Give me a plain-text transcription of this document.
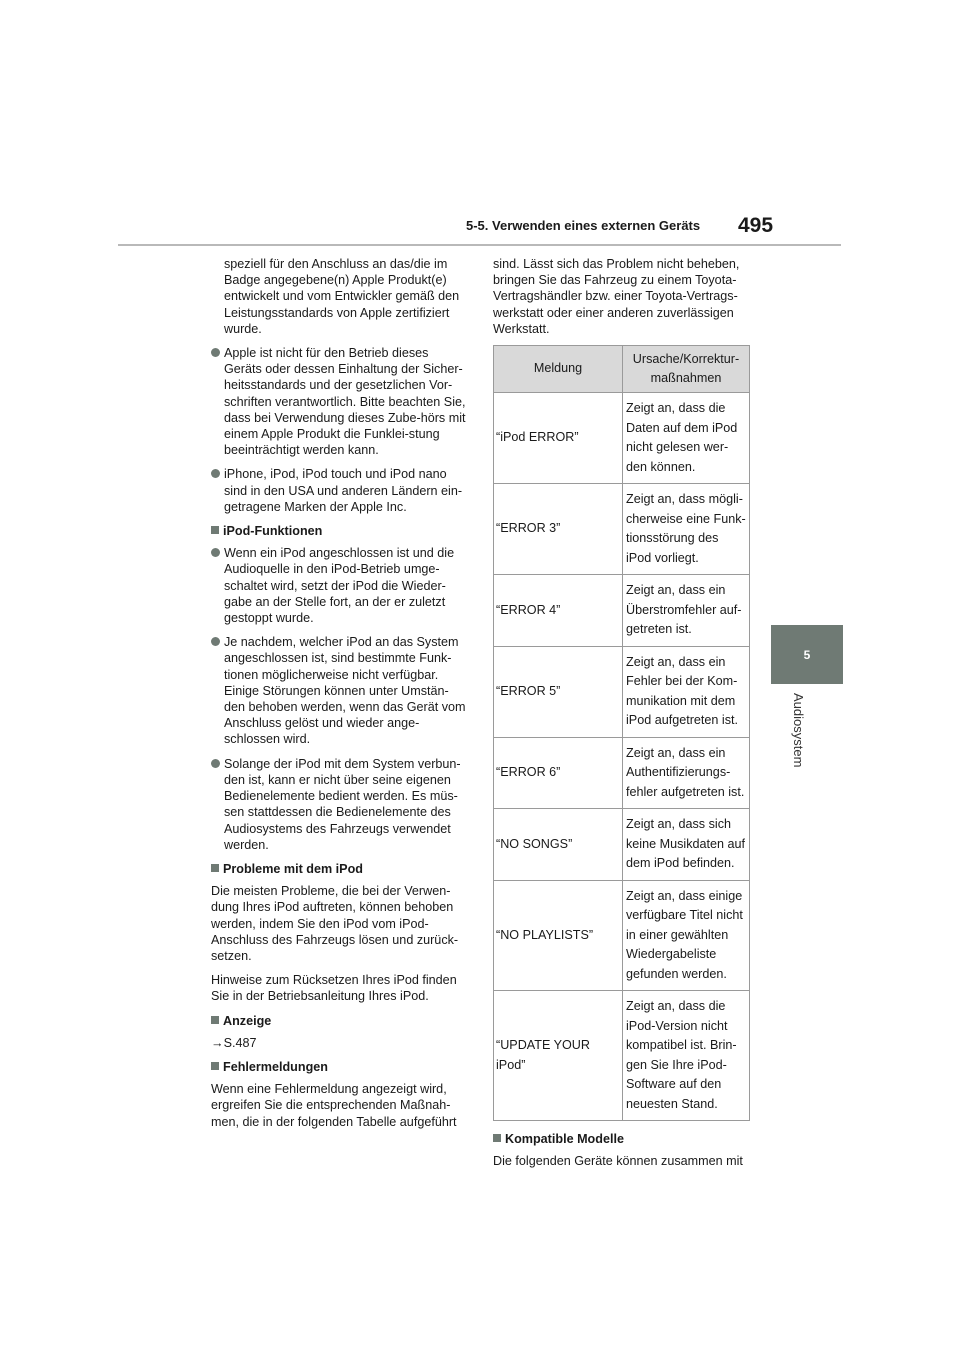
5-5. Verwenden eines externen Geräts 495
5
Audiosystem

speziell für den Anschluss an das/die im Badge angegebene(n) Apple Produkt(e) entwickelt und vom Entwickler gemäß den Leistungsstandards von Apple zertifiziert wurde.

Apple ist nicht für den Betrieb dieses Geräts oder dessen Einhaltung der Sicher-heitsstandards und der gesetzlichen Vor-schriften verantwortlich. Bitte beachten Sie, dass bei Verwendung dieses Zube-hörs mit einem Apple Produkt die Funklei-stung beeinträchtigt werden kann.
iPhone, iPod, iPod touch und iPod nano sind in den USA und anderen Ländern ein-getragene Marken der Apple Inc.
iPod-Funktionen
Wenn ein iPod angeschlossen ist und die Audioquelle in den iPod-Betrieb umge-schaltet wird, setzt der iPod die Wieder-gabe an der Stelle fort, an der er zuletzt gestoppt wurde.
Je nachdem, welcher iPod an das System angeschlossen ist, sind bestimmte Funk-tionen möglicherweise nicht verfügbar. Einige Störungen können unter Umstän-den behoben werden, wenn das Gerät vom Anschluss gelöst und wieder ange-schlossen wird.
Solange der iPod mit dem System verbun-den ist, kann er nicht über seine eigenen Bedienelemente bedient werden. Es müs-sen stattdessen die Bedienelemente des Audiosystems des Fahrzeugs verwendet werden.
Probleme mit dem iPod

Die meisten Probleme, die bei der Verwen-dung Ihres iPod auftreten, können behoben werden, indem Sie den iPod vom iPod-Anschluss des Fahrzeugs lösen und zurück-setzen.

Hinweise zum Rücksetzen Ihres iPod finden Sie in der Betriebsanleitung Ihres iPod.

Anzeige
→S.487
Fehlermeldungen

Wenn eine Fehlermeldung angezeigt wird, ergreifen Sie die entsprechenden Maßnah-men, die in der folgenden Tabelle aufgeführt

sind. Lässt sich das Problem nicht beheben, bringen Sie das Fahrzeug zu einem Toyota-Vertragshändler bzw. einer Toyota-Vertrags-werkstatt oder einer anderen zuverlässigen Werkstatt.

Meldung	Ursache/Korrektur-maßnahmen
“iPod ERROR”	Zeigt an, dass die Daten auf dem iPod nicht gelesen wer-den können.
“ERROR 3”	Zeigt an, dass mögli-cherweise eine Funk-tionsstörung des iPod vorliegt.
“ERROR 4”	Zeigt an, dass ein Überstromfehler auf-getreten ist.
“ERROR 5”	Zeigt an, dass ein Fehler bei der Kom-munikation mit dem iPod aufgetreten ist.
“ERROR 6”	Zeigt an, dass ein Authentifizierungs-fehler aufgetreten ist.
“NO SONGS”	Zeigt an, dass sich keine Musikdaten auf dem iPod befinden.
“NO PLAYLISTS”	Zeigt an, dass einige verfügbare Titel nicht in einer gewählten Wiedergabeliste gefunden werden.
“UPDATE YOUR iPod”	Zeigt an, dass die iPod-Version nicht kompatibel ist. Brin-gen Sie Ihre iPod-Software auf den neuesten Stand.
Kompatible Modelle

Die folgenden Geräte können zusammen mit
